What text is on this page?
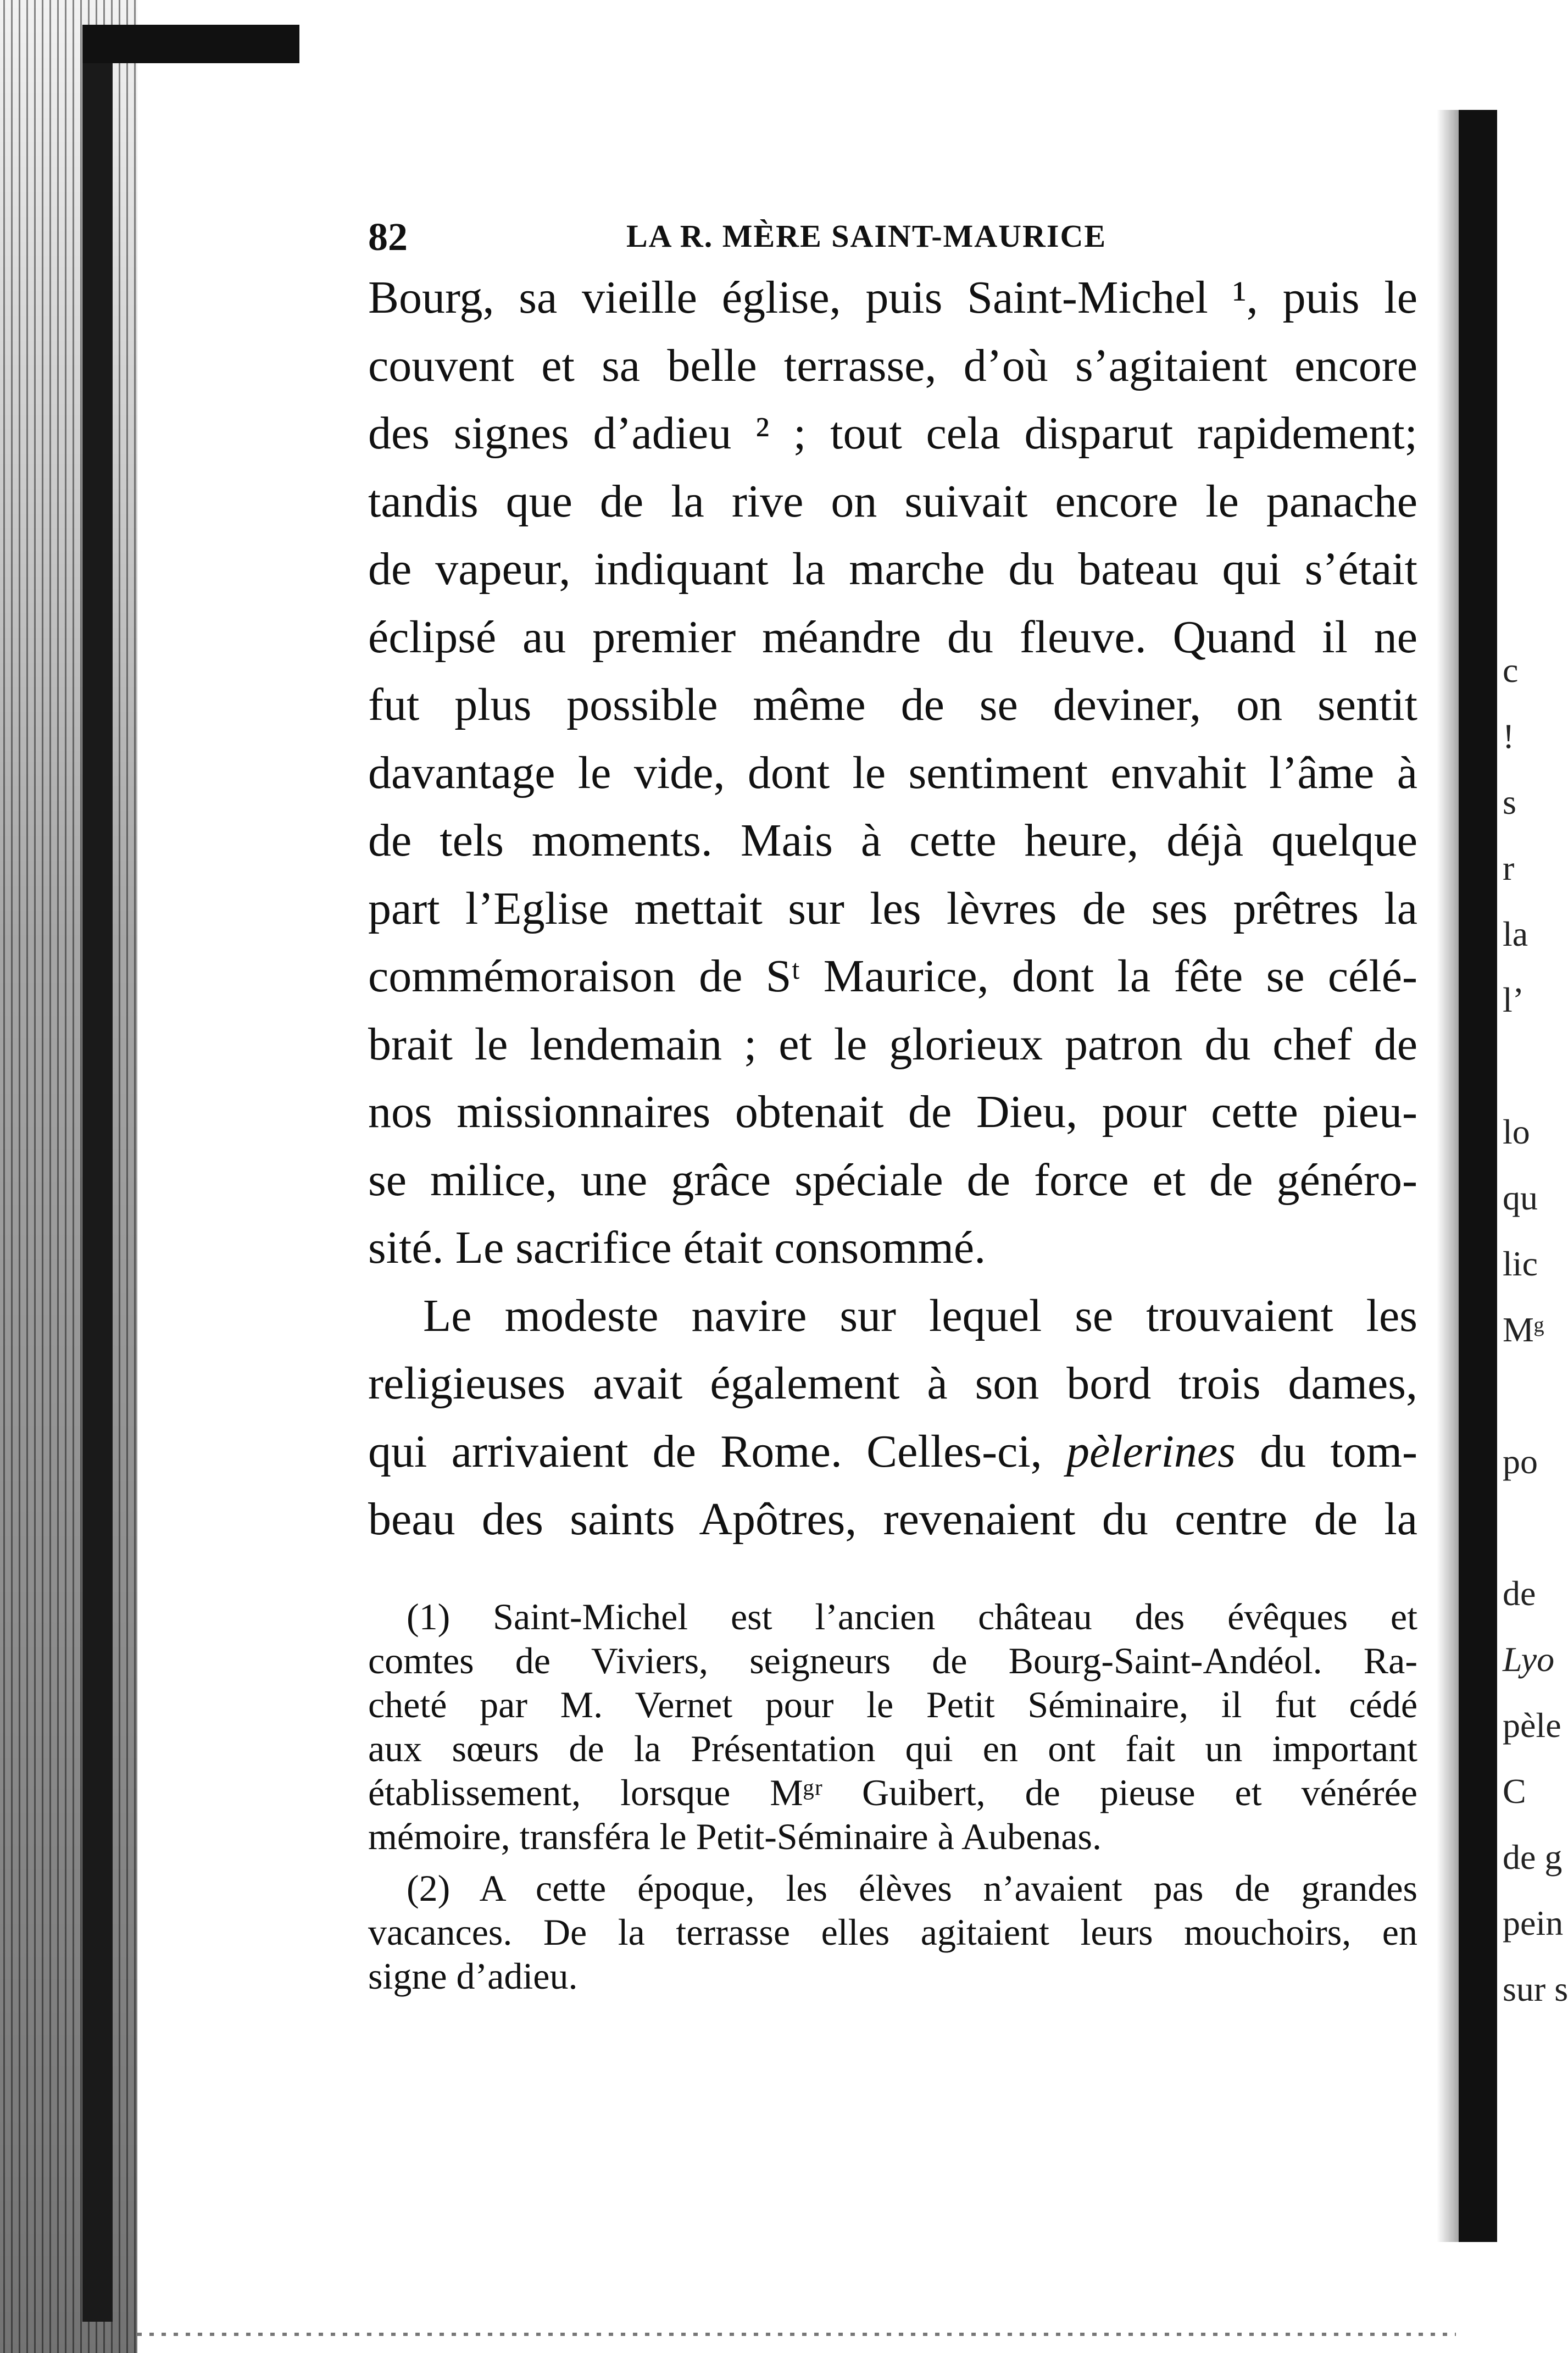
82	LA R. MÈRE SAINT-MAURICE

Bourg, sa vieille église, puis Saint-Michel ¹, puis le
couvent et sa belle terrasse, d’où s’agitaient encore
des signes d’adieu ² ; tout cela disparut rapidement;
tandis que de la rive on suivait encore le panache
de vapeur, indiquant la marche du bateau qui s’était
éclipsé au premier méandre du fleuve. Quand il ne
fut plus possible même de se deviner, on sentit
davantage le vide, dont le sentiment envahit l’âme à
de tels moments. Mais à cette heure, déjà quelque
part l’Eglise mettait sur les lèvres de ses prêtres la
commémoraison de Sᵗ Maurice, dont la fête se célé-
brait le lendemain ; et le glorieux patron du chef de
nos missionnaires obtenait de Dieu, pour cette pieu-
se milice, une grâce spéciale de force et de généro-
sité. Le sacrifice était consommé.

Le modeste navire sur lequel se trouvaient les
religieuses avait également à son bord trois dames,
qui arrivaient de Rome. Celles-ci, pèlerines du tom-
beau des saints Apôtres, revenaient du centre de la

(1) Saint-Michel est l’ancien château des évêques et
comtes de Viviers, seigneurs de Bourg-Saint-Andéol. Ra-
cheté par M. Vernet pour le Petit Séminaire, il fut cédé
aux sœurs de la Présentation qui en ont fait un important
établissement, lorsque Mᵍʳ Guibert, de pieuse et vénérée
mémoire, transféra le Petit-Séminaire à Aubenas.
(2) A cette époque, les élèves n’avaient pas de grandes
vacances. De la terrasse elles agitaient leurs mouchoirs, en
signe d’adieu.
c
!
s
r
la
l’
lo
qu
lic
Mᵍ
po
de
Lyo
pèle
C
de g
pein
sur s
